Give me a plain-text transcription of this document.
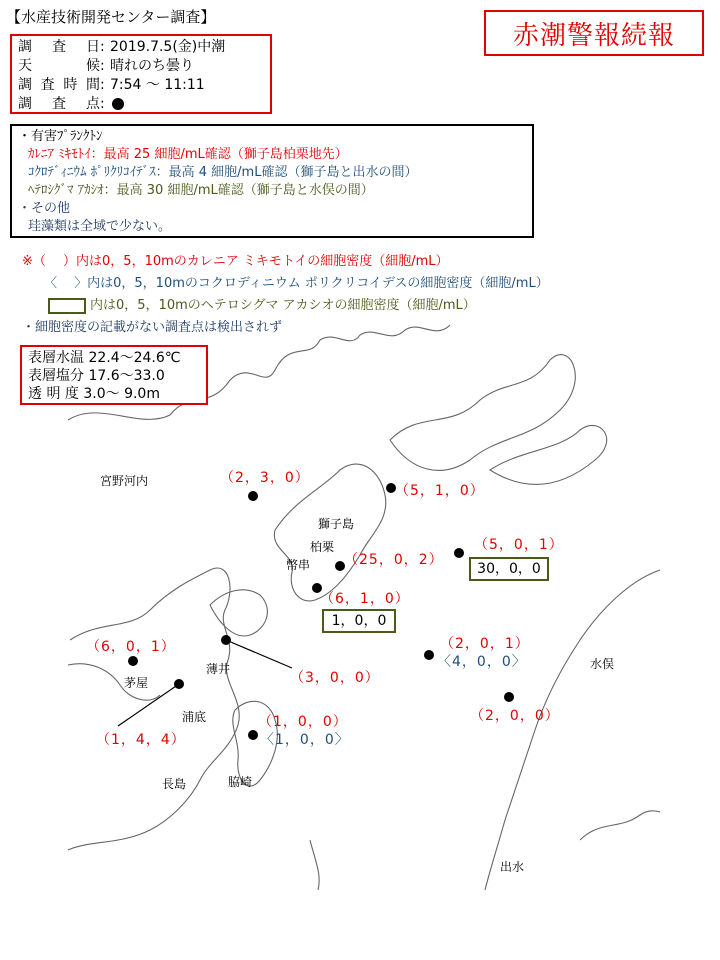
【水産技術開発センター調査】
赤潮警報続報
調査日 : 2019.7.5(金)中潮
天候 : 晴れのち曇り
調査時間 : 7:54 ～ 11:11
調査点 :
・有害ﾌﾟﾗﾝｸﾄﾝ
ｶﾚﾆｱ ﾐｷﾓﾄｲ：最高 25 細胞/mL確認（獅子島柏栗地先）
ｺｸﾛﾃﾞｨﾆｳﾑ ﾎﾟﾘｸﾘｺｲﾃﾞｽ：最高 4 細胞/mL確認（獅子島と出水の間）
ﾍﾃﾛｼｸﾞﾏ ｱｶｼｵ：最高 30 細胞/mL確認（獅子島と水俣の間）
・その他
珪藻類は全域で少ない。
※（　 ）内は0，5，10mのカレニア ミキモトイの細胞密度（細胞/mL）
〈　 〉内は0，5，10mのコクロディニウム ポリクリコイデスの細胞密度（細胞/mL）
内は0，5，10mのヘテロシグマ アカシオの細胞密度（細胞/mL）
・細胞密度の記載がない調査点は検出されず
表層水温 22.4～24.6℃
表層塩分 17.6～33.0
透 明 度 3.0～ 9.0m
宮野河内
獅子島
柏栗
幣串
薄井
茅屋
浦底
長島	脇崎
水俣
出水
（2，3，0）
（5，1，0）
（25，0，2）
（5，0，1）
30，0，0
（6，1，0）
1，0，0
（6，0，1）
（3，0，0）
（2，0，1）
〈4，0，0〉
（1，4，4）
（1，0，0）
〈1，0，0〉
（2，0，0）
